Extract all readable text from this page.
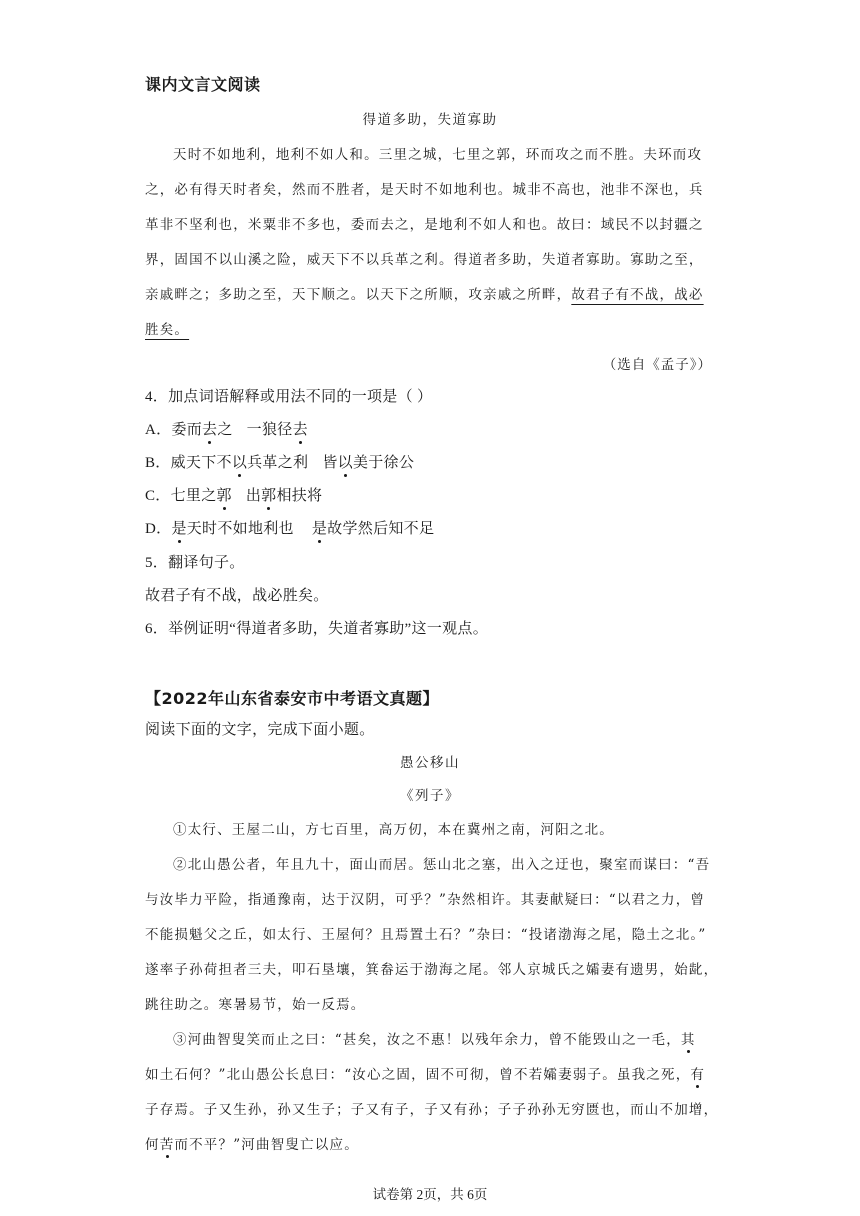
课内文言文阅读
得道多助，失道寡助
天时不如地利，地利不如人和。三里之城，七里之郭，环而攻之而不胜。夫环而攻
之，必有得天时者矣，然而不胜者，是天时不如地利也。城非不高也，池非不深也，兵
革非不坚利也，米粟非不多也，委而去之，是地利不如人和也。故曰：域民不以封疆之
界，固国不以山溪之险，威天下不以兵革之利。得道者多助，失道者寡助。寡助之至，
亲戚畔之；多助之至，天下顺之。以天下之所顺，攻亲戚之所畔，故君子有不战，战必
胜矣。
（选自《孟子》）
4．加点词语解释或用法不同的一项是（ ）
A．委而去之 一狼径去
B．威天下不以兵革之利 皆以美于徐公
C．七里之郭 出郭相扶将
D．是天时不如地利也 是故学然后知不足
5．翻译句子。
故君子有不战，战必胜矣。
6．举例证明“得道者多助，失道者寡助”这一观点。
【2022年山东省泰安市中考语文真题】
阅读下面的文字，完成下面小题。
愚公移山
《列子》
①太行、王屋二山，方七百里，高万仞，本在冀州之南，河阳之北。
②北山愚公者，年且九十，面山而居。惩山北之塞，出入之迂也，聚室而谋曰：“吾
与汝毕力平险，指通豫南，达于汉阴，可乎？”杂然相许。其妻献疑曰：“以君之力，曾
不能损魁父之丘，如太行、王屋何？且焉置土石？”杂曰：“投诸渤海之尾，隐土之北。”
遂率子孙荷担者三夫，叩石垦壤，箕畚运于渤海之尾。邻人京城氏之孀妻有遗男，始龀，
跳往助之。寒暑易节，始一反焉。
③河曲智叟笑而止之曰：“甚矣，汝之不惠！以残年余力，曾不能毁山之一毛，其
如土石何？”北山愚公长息曰：“汝心之固，固不可彻，曾不若孀妻弱子。虽我之死，有
子存焉。子又生孙，孙又生子；子又有子，子又有孙；子子孙孙无穷匮也，而山不加增，
何苦而不平？”河曲智叟亡以应。
试卷第 2页，共 6页
